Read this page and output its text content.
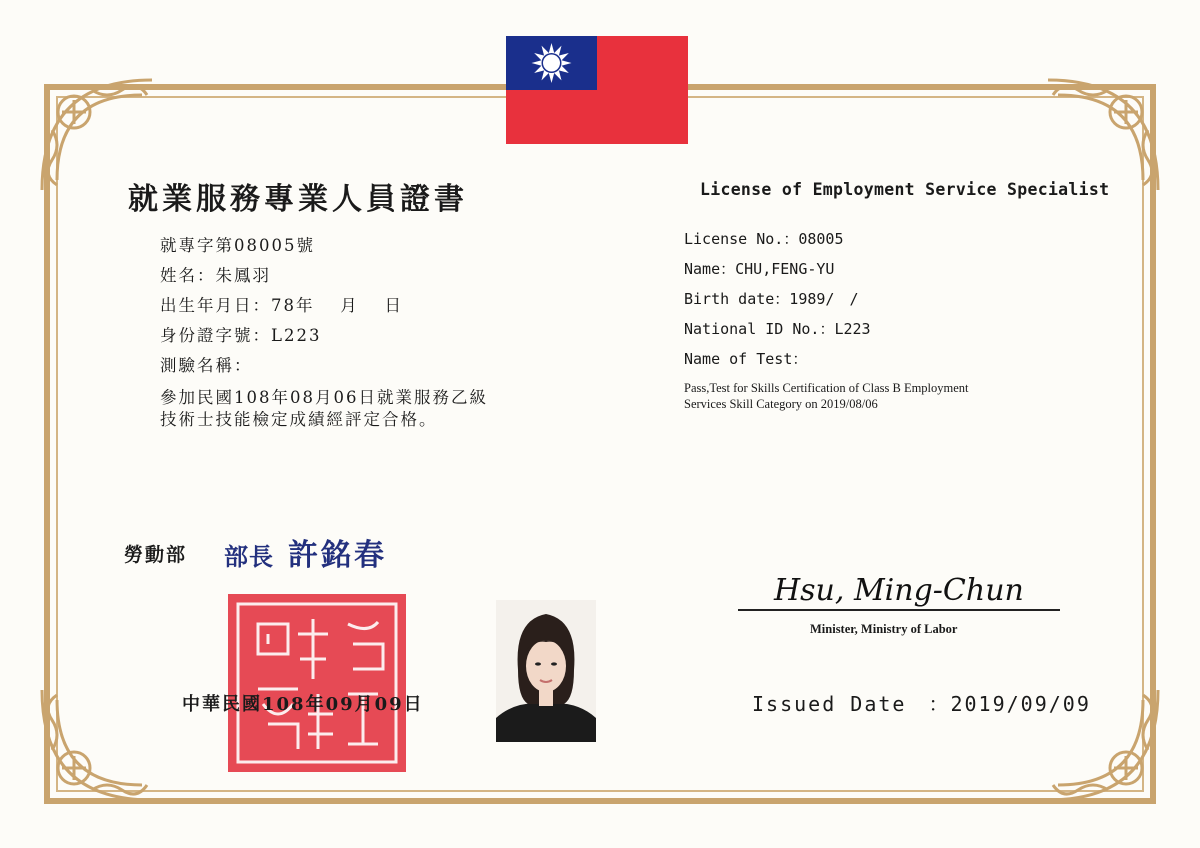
就業服務專業人員證書
就專字第08005號
姓名：朱鳳羽
出生年月日：78年　 月　 日
身份證字號：L223
測驗名稱：
參加民國108年08月06日就業服務乙級
技術士技能檢定成績經評定合格。
License of Employment Service Specialist
License No.：08005
Name：CHU,FENG-YU
Birth date：1989/　/
National ID No.：L223
Name of Test：
Pass,Test for Skills Certification of Class B Employment
Services Skill Category on 2019/08/06
勞動部 部長 許銘春
中華民國108年09月09日
Hsu, Ming-Chun
Minister, Ministry of Labor
Issued Date　：2019/09/09
